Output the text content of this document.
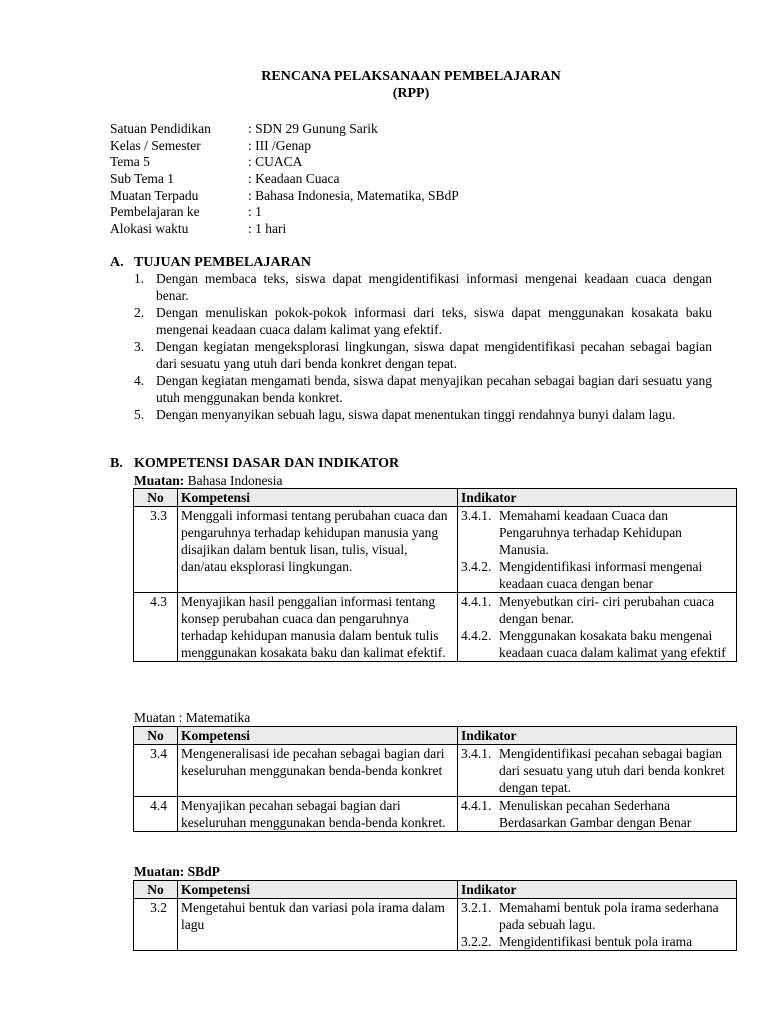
RENCANA PELAKSANAAN PEMBELAJARAN
(RPP)
Satuan Pendidikan	: SDN 29 Gunung Sarik
Kelas / Semester	: III /Genap
Tema 5	: CUACA
Sub Tema 1	: Keadaan Cuaca
Muatan Terpadu	: Bahasa Indonesia, Matematika, SBdP
Pembelajaran ke	: 1
Alokasi waktu	: 1 hari
A. TUJUAN PEMBELAJARAN
1. Dengan membaca teks, siswa dapat mengidentifikasi informasi mengenai keadaan cuaca dengan benar.
2. Dengan menuliskan pokok-pokok informasi dari teks, siswa dapat menggunakan kosakata baku mengenai keadaan cuaca dalam kalimat yang efektif.
3. Dengan kegiatan mengeksplorasi lingkungan, siswa dapat mengidentifikasi pecahan sebagai bagian dari sesuatu yang utuh dari benda konkret dengan tepat.
4. Dengan kegiatan mengamati benda, siswa dapat menyajikan pecahan sebagai bagian dari sesuatu yang utuh menggunakan benda konkret.
5. Dengan menyanyikan sebuah lagu, siswa dapat menentukan tinggi rendahnya bunyi dalam lagu.
B. KOMPETENSI DASAR DAN INDIKATOR
Muatan: Bahasa Indonesia
No	Kompetensi	Indikator
3.3	Menggali informasi tentang perubahan cuaca dan pengaruhnya terhadap kehidupan manusia yang disajikan dalam bentuk lisan, tulis, visual, dan/atau eksplorasi lingkungan.	3.4.1. Memahami keadaan Cuaca dan Pengaruhnya terhadap Kehidupan Manusia.
3.4.2. Mengidentifikasi informasi mengenai keadaan cuaca dengan benar

4.3	Menyajikan hasil penggalian informasi tentang konsep perubahan cuaca dan pengaruhnya terhadap kehidupan manusia dalam bentuk tulis menggunakan kosakata baku dan kalimat efektif.	4.4.1. Menyebutkan ciri- ciri perubahan cuaca dengan benar.
4.4.2. Menggunakan kosakata baku mengenai keadaan cuaca dalam kalimat yang efektif
Muatan : Matematika
No	Kompetensi	Indikator
3.4	Mengeneralisasi ide pecahan sebagai bagian dari keseluruhan menggunakan benda-benda konkret	3.4.1. Mengidentifikasi pecahan sebagai bagian dari sesuatu yang utuh dari benda konkret dengan tepat.

4.4	Menyajikan pecahan sebagai bagian dari keseluruhan menggunakan benda-benda konkret.	4.4.1. Menuliskan pecahan Sederhana Berdasarkan Gambar dengan Benar
Muatan: SBdP
No	Kompetensi	Indikator
3.2	Mengetahui bentuk dan variasi pola irama dalam lagu	3.2.1. Memahami bentuk pola irama sederhana pada sebuah lagu.
3.2.2. Mengidentifikasi bentuk pola irama
